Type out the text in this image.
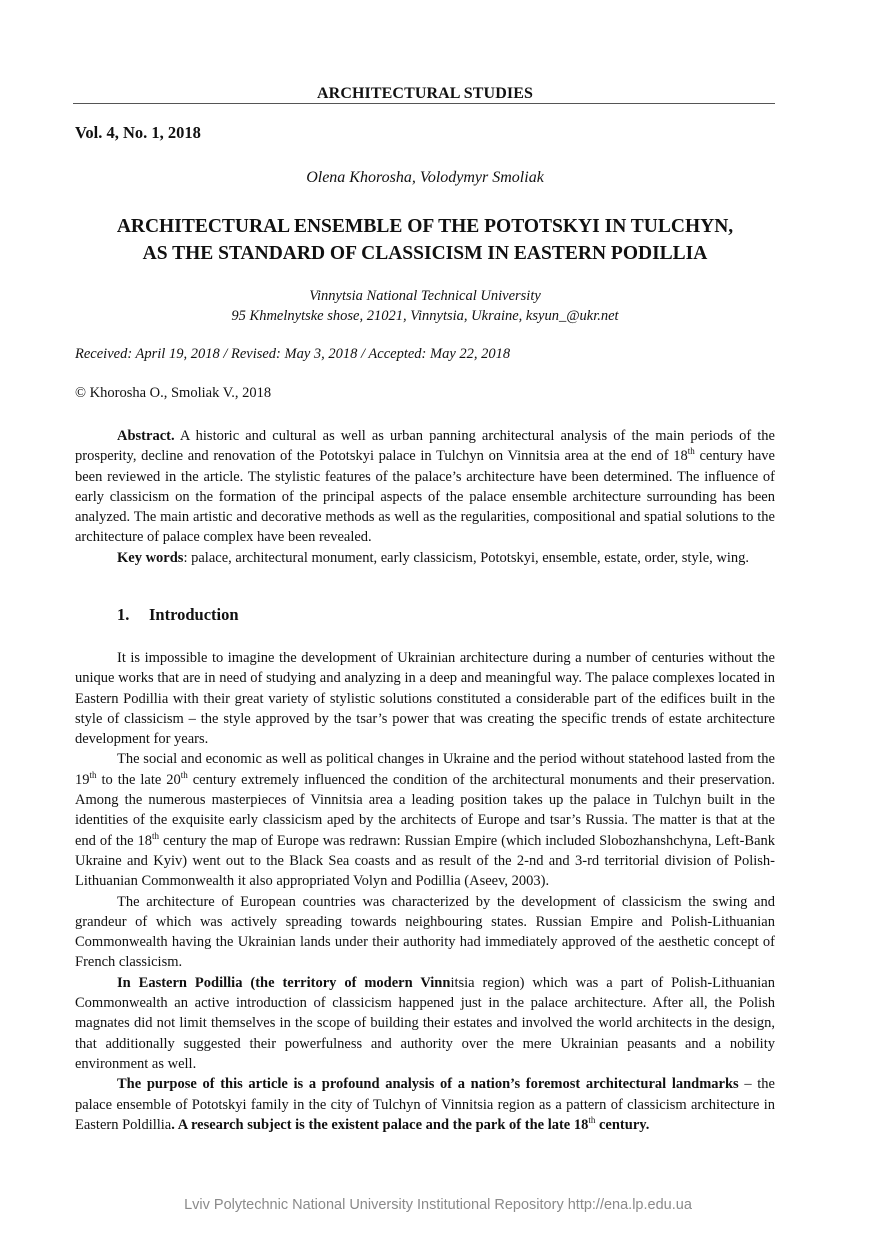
ARCHITECTURAL STUDIES
Vol. 4, No. 1, 2018
Olena Khorosha, Volodymyr Smoliak
ARCHITECTURAL ENSEMBLE OF THE POTOTSKYI IN TULCHYN,
AS THE STANDARD OF CLASSICISM IN EASTERN PODILLIA
Vinnytsia National Technical University
95 Khmelnytske shose, 21021, Vinnytsia, Ukraine, ksyun_@ukr.net
Received: April 19, 2018 / Revised: May 3, 2018 / Accepted: May 22, 2018
© Khorosha O., Smoliak V., 2018

Abstract. A historic and cultural as well as urban panning architectural analysis of the main periods of the prosperity, decline and renovation of the Pototskyi palace in Tulchyn on Vinnitsia area at the end of 18th century have been reviewed in the article. The stylistic features of the palace’s architecture have been determined. The influence of early classicism on the formation of the principal aspects of the palace ensemble architecture surrounding has been analyzed. The main artistic and decorative methods as well as the regularities, compositional and spatial solutions to the architecture of palace complex have been revealed.

Key words: palace, architectural monument, early classicism, Pototskyi, ensemble, estate, order, style, wing.

1. Introduction

It is impossible to imagine the development of Ukrainian architecture during a number of centuries without the unique works that are in need of studying and analyzing in a deep and meaningful way. The palace complexes located in Eastern Podillia with their great variety of stylistic solutions constituted a considerable part of the edifices built in the style of classicism – the style approved by the tsar’s power that was creating the specific trends of estate architecture development for years.

The social and economic as well as political changes in Ukraine and the period without statehood lasted from the 19th to the late 20th century extremely influenced the condition of the architectural monuments and their preservation. Among the numerous masterpieces of Vinnitsia area a leading position takes up the palace in Tulchyn built in the identities of the exquisite early classicism aped by the architects of Europe and tsar’s Russia. The matter is that at the end of the 18th century the map of Europe was redrawn: Russian Empire (which included Slobozhanshchyna, Left-Bank Ukraine and Kyiv) went out to the Black Sea coasts and as result of the 2-nd and 3-rd territorial division of Polish-Lithuanian Commonwealth it also appropriated Volyn and Podillia (Aseev, 2003).

The architecture of European countries was characterized by the development of classicism the swing and grandeur of which was actively spreading towards neighbouring states. Russian Empire and Polish-Lithuanian Commonwealth having the Ukrainian lands under their authority had immediately approved of the aesthetic concept of French classicism.

In Eastern Podillia (the territory of modern Vinnitsia region) which was a part of Polish-Lithuanian Commonwealth an active introduction of classicism happened just in the palace architecture. After all, the Polish magnates did not limit themselves in the scope of building their estates and involved the world architects in the design, that additionally suggested their powerfulness and authority over the mere Ukrainian peasants and a nobility environment as well.

The purpose of this article is a profound analysis of a nation’s foremost architectural landmarks – the palace ensemble of Pototskyi family in the city of Tulchyn of Vinnitsia region as a pattern of classicism architecture in Eastern Poldillia. A research subject is the existent palace and the park of the late 18th century.

Lviv Polytechnic National University Institutional Repository http://ena.lp.edu.ua
